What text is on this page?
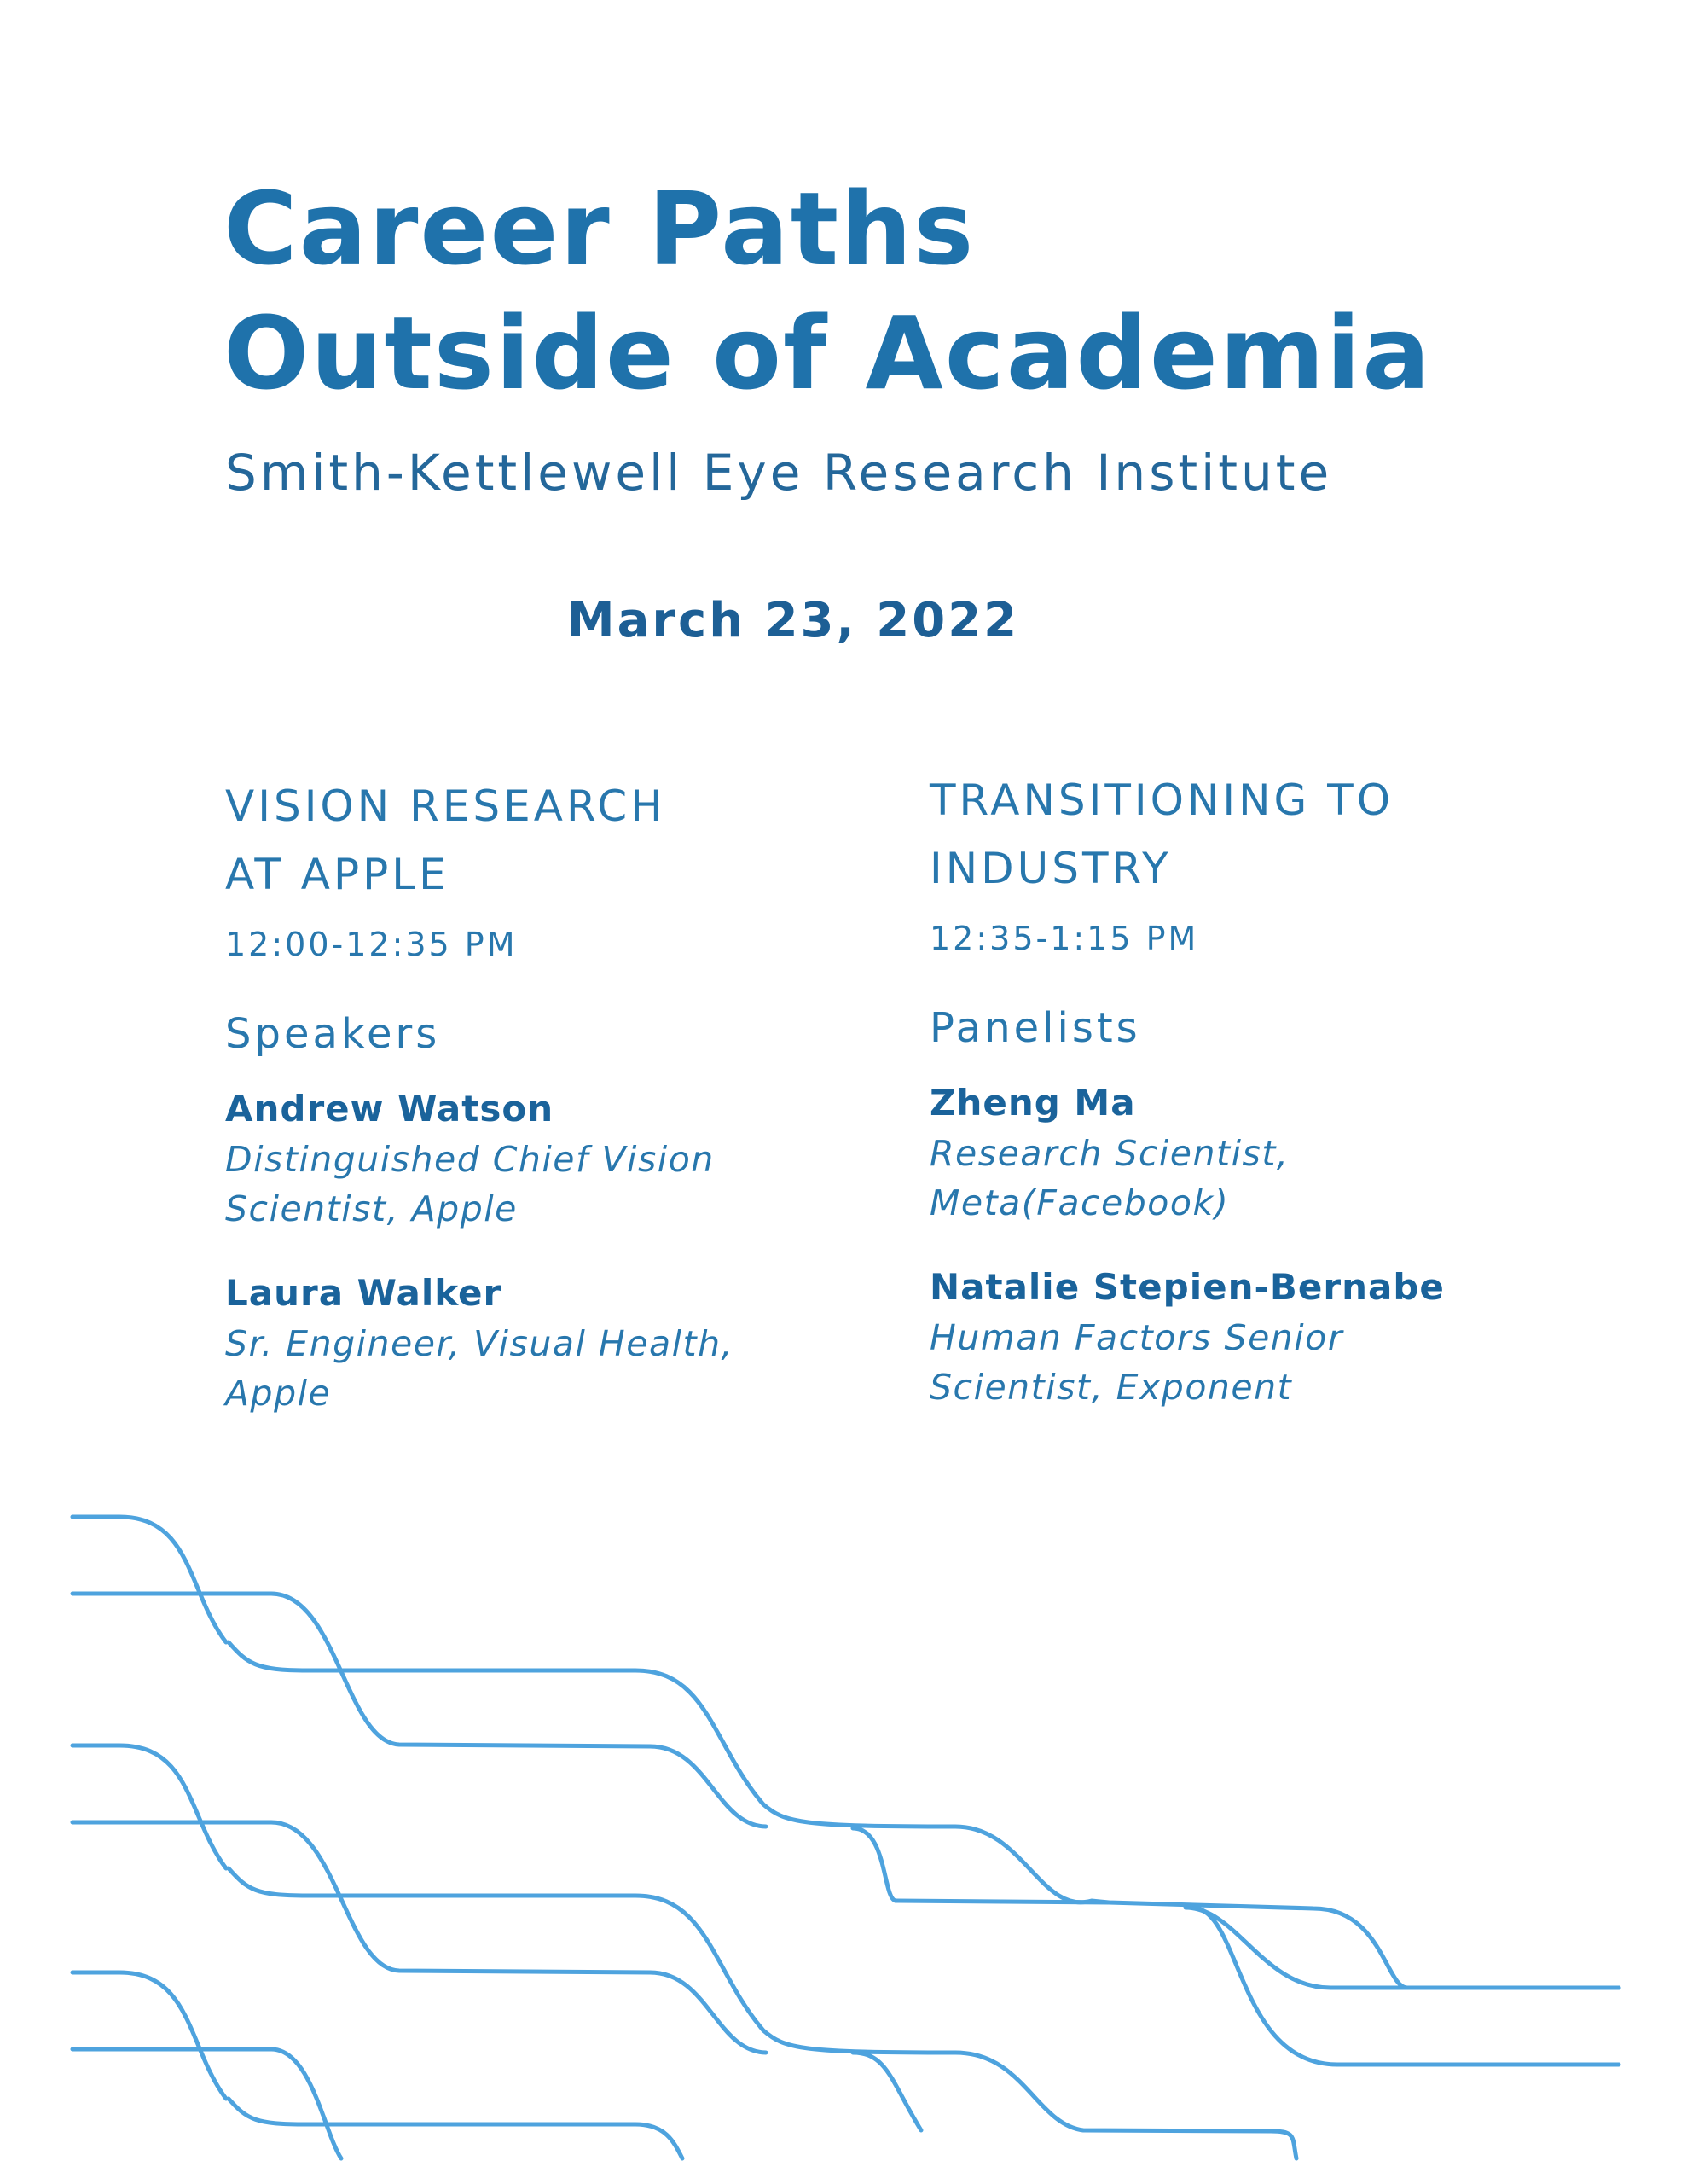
Career Paths
Outside of Academia
Smith-Kettlewell Eye Research Institute
March 23, 2022
VISION RESEARCH
AT APPLE
12:00-12:35 PM
Speakers
Andrew Watson
Distinguished Chief Vision
Scientist, Apple
Laura Walker
Sr. Engineer, Visual Health,
Apple
TRANSITIONING TO
INDUSTRY
12:35-1:15 PM
Panelists
Zheng Ma
Research Scientist,
Meta(Facebook)
Natalie Stepien-Bernabe
Human Factors Senior
Scientist, Exponent
